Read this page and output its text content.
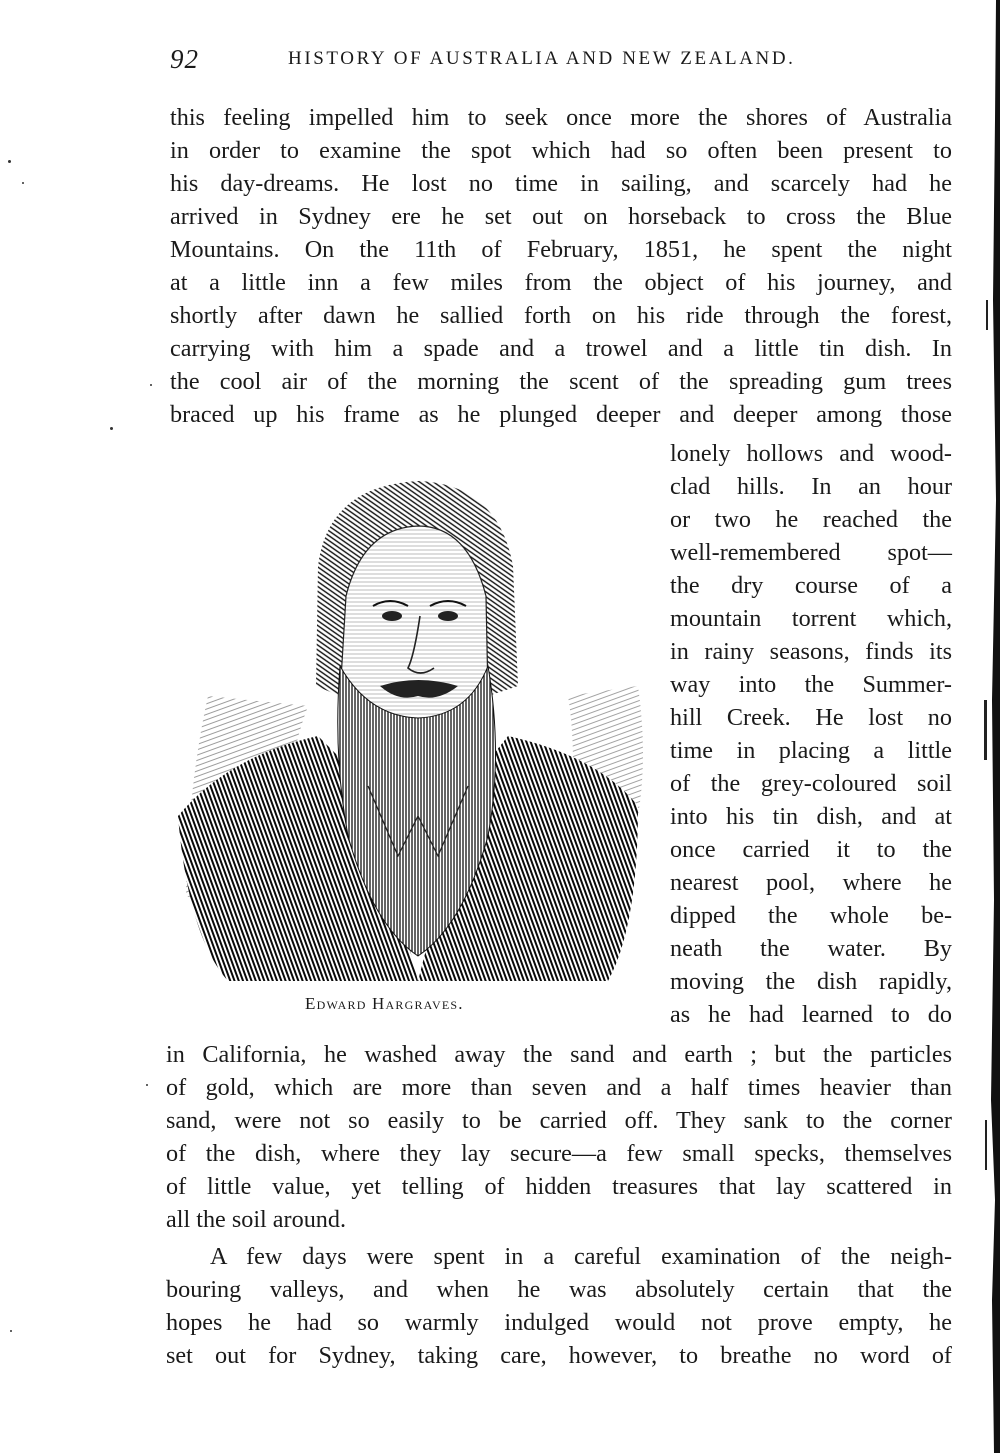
92	HISTORY OF AUSTRALIA AND NEW ZEALAND.
this feeling impelled him to seek once more the shores of Australia
in order to examine the spot which had so often been present to
his day-dreams. He lost no time in sailing, and scarcely had he
arrived in Sydney ere he set out on horseback to cross the Blue
Mountains. On the 11th of February, 1851, he spent the night
at a little inn a few miles from the object of his journey, and
shortly after dawn he sallied forth on his ride through the forest,
carrying with him a spade and a trowel and a little tin dish. In
the cool air of the morning the scent of the spreading gum trees
braced up his frame as he plunged deeper and deeper among those
lonely hollows and wood-
clad hills. In an hour
or two he reached the
well-remembered spot—
the dry course of a
mountain torrent which,
in rainy seasons, finds its
way into the Summer-
hill Creek. He lost no
time in placing a little
of the grey-coloured soil
into his tin dish, and at
once carried it to the
nearest pool, where he
dipped the whole be-
neath the water. By
moving the dish rapidly,
as he had learned to do
Edward Hargraves.
in California, he washed away the sand and earth ; but the particles
of gold, which are more than seven and a half times heavier than
sand, were not so easily to be carried off. They sank to the corner
of the dish, where they lay secure—a few small specks, themselves
of little value, yet telling of hidden treasures that lay scattered in
all the soil around.
A few days were spent in a careful examination of the neigh-
bouring valleys, and when he was absolutely certain that the
hopes he had so warmly indulged would not prove empty, he
set out for Sydney, taking care, however, to breathe no word of
